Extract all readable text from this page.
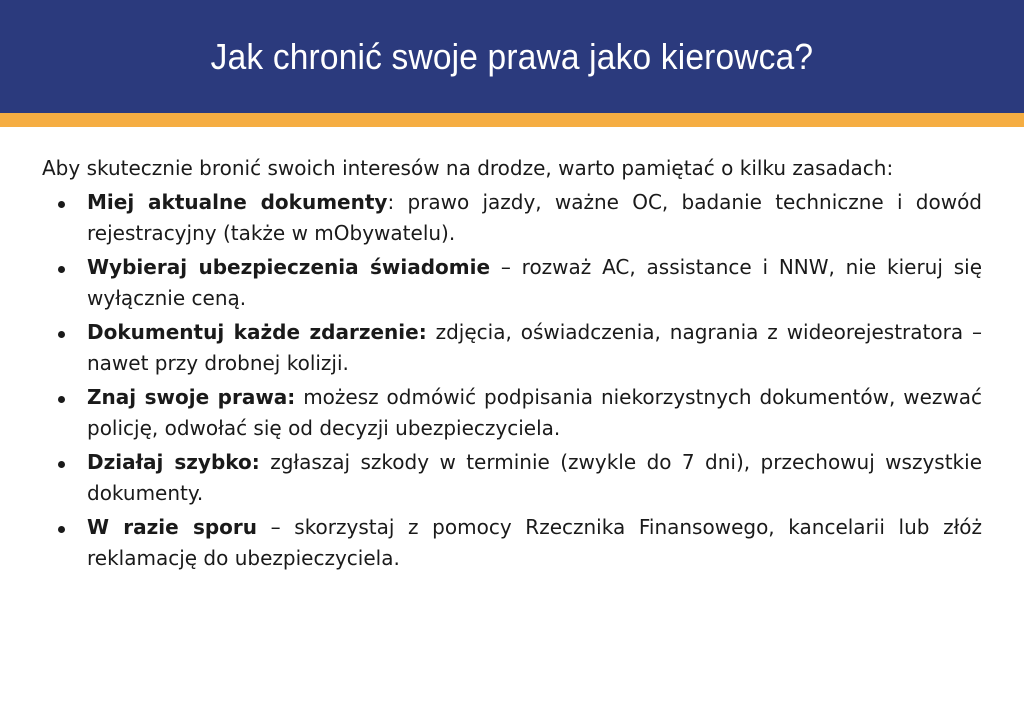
Jak chronić swoje prawa jako kierowca?

Aby skutecznie bronić swoich interesów na drodze, warto pamiętać o kilku zasadach:

Miej aktualne dokumenty: prawo jazdy, ważne OC, badanie techniczne i dowód rejestracyjny (także w mObywatelu).
Wybieraj ubezpieczenia świadomie – rozważ AC, assistance i NNW, nie kieruj się wyłącznie ceną.
Dokumentuj każde zdarzenie: zdjęcia, oświadczenia, nagrania z wideorejestratora – nawet przy drobnej kolizji.
Znaj swoje prawa: możesz odmówić podpisania niekorzystnych dokumentów, wezwać policję, odwołać się od decyzji ubezpieczyciela.
Działaj szybko: zgłaszaj szkody w terminie (zwykle do 7 dni), przechowuj wszystkie dokumenty.
W razie sporu – skorzystaj z pomocy Rzecznika Finansowego, kancelarii lub złóż reklamację do ubezpieczyciela.
